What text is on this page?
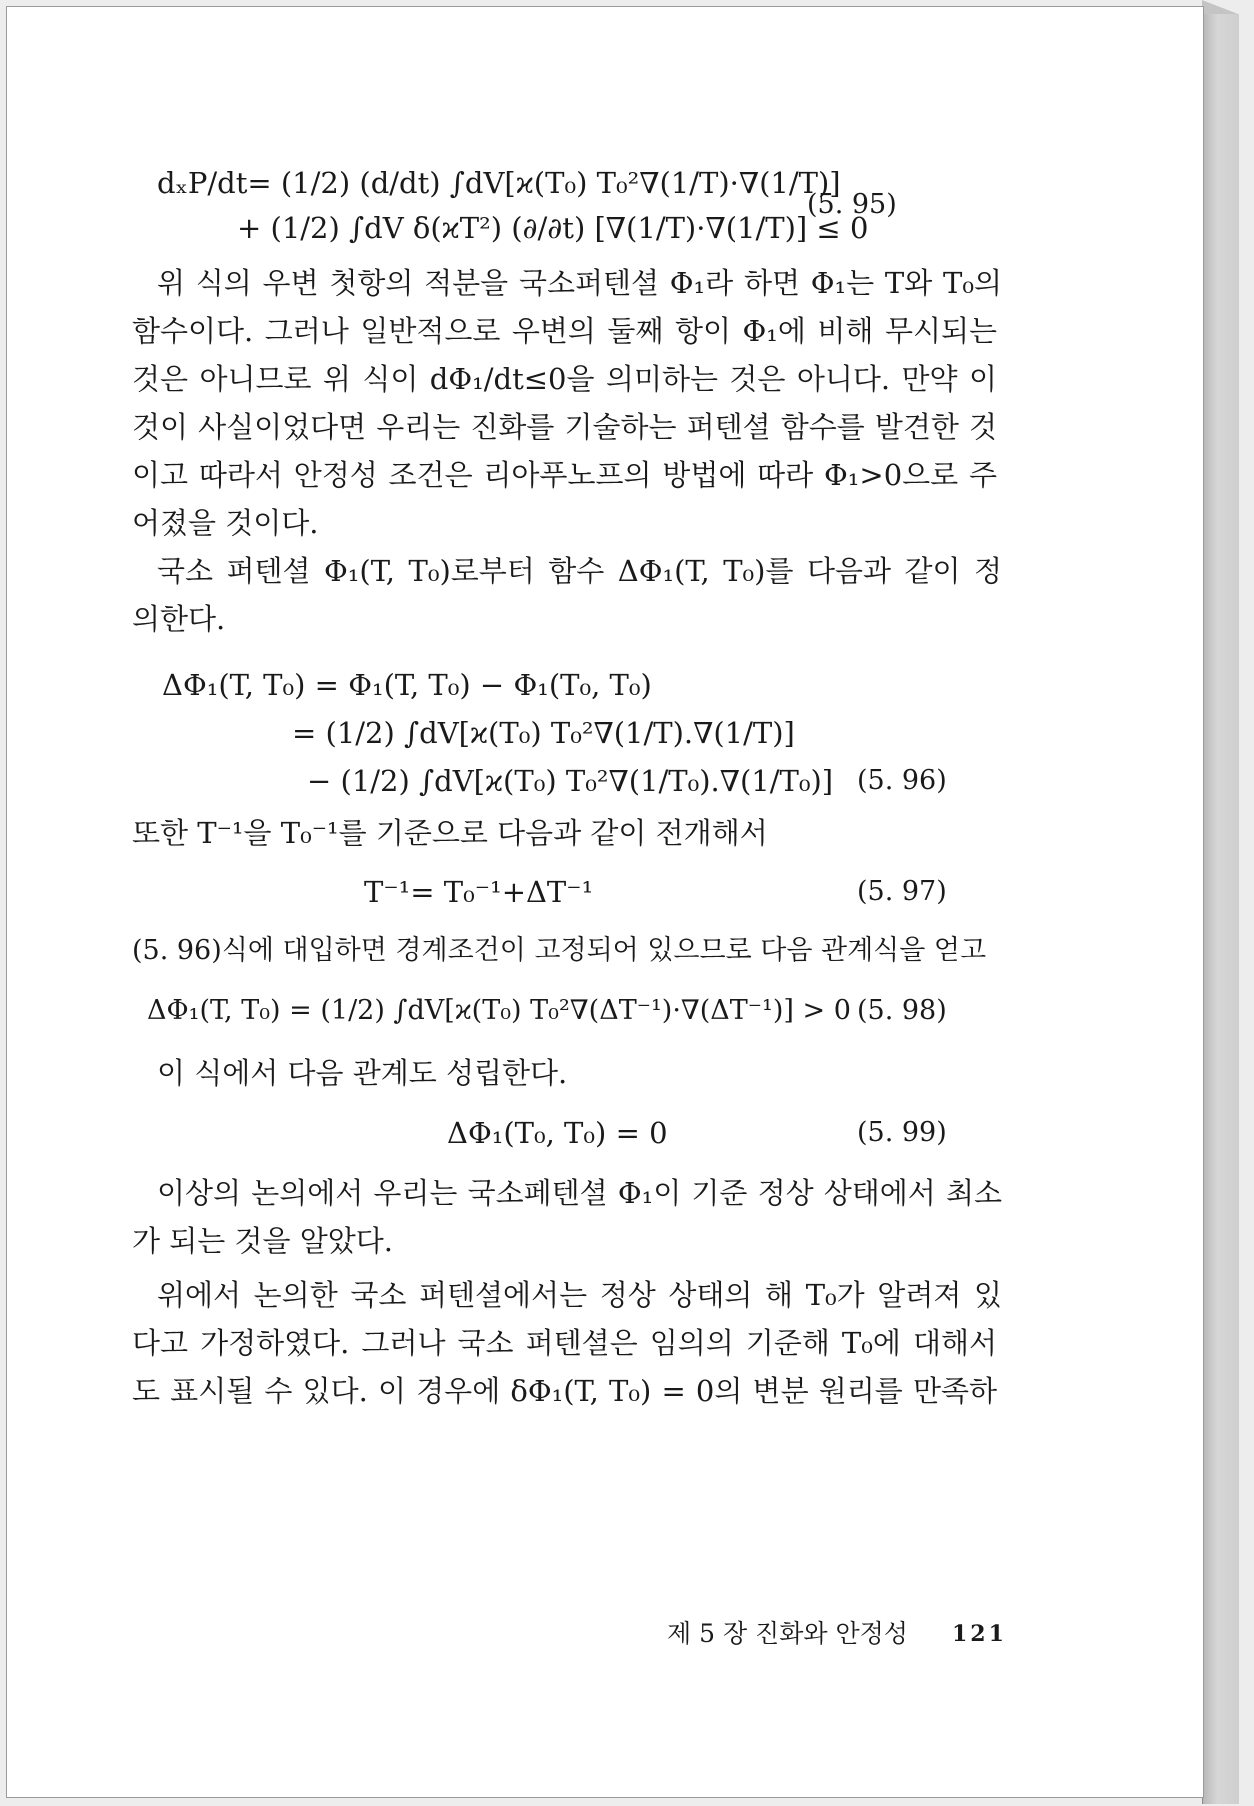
dₓP/dt= (1/2) (d/dt) ∫dV[ϰ(T₀) T₀²∇(1/T)·∇(1/T)]
+ (1/2) ∫dV δ(ϰT²) (∂/∂t) [∇(1/T)·∇(1/T)] ≤ 0
(5. 95)
위 식의 우변 첫항의 적분을 국소퍼텐셜 Φ₁라 하면 Φ₁는 T와 T₀의
함수이다. 그러나 일반적으로 우변의 둘째 항이 Φ₁에 비해 무시되는
것은 아니므로 위 식이 dΦ₁/dt≤0을 의미하는 것은 아니다. 만약 이
것이 사실이었다면 우리는 진화를 기술하는 퍼텐셜 함수를 발견한 것
이고 따라서 안정성 조건은 리아푸노프의 방법에 따라 Φ₁>0으로 주
어졌을 것이다.
국소 퍼텐셜 Φ₁(T, T₀)로부터 함수 ΔΦ₁(T, T₀)를 다음과 같이 정
의한다.
ΔΦ₁(T, T₀) = Φ₁(T, T₀) − Φ₁(T₀, T₀)
= (1/2) ∫dV[ϰ(T₀) T₀²∇(1/T).∇(1/T)]
− (1/2) ∫dV[ϰ(T₀) T₀²∇(1/T₀).∇(1/T₀)] (5. 96)
또한 T⁻¹을 T₀⁻¹를 기준으로 다음과 같이 전개해서
T⁻¹= T₀⁻¹+ΔT⁻¹	(5. 97)
(5. 96)식에 대입하면 경계조건이 고정되어 있으므로 다음 관계식을 얻고
ΔΦ₁(T, T₀) = (1/2) ∫dV[ϰ(T₀) T₀²∇(ΔT⁻¹)·∇(ΔT⁻¹)] > 0 (5. 98)
이 식에서 다음 관계도 성립한다.
ΔΦ₁(T₀, T₀) = 0	(5. 99)
이상의 논의에서 우리는 국소페텐셜 Φ₁이 기준 정상 상태에서 최소
가 되는 것을 알았다.
위에서 논의한 국소 퍼텐셜에서는 정상 상태의 해 T₀가 알려져 있
다고 가정하였다. 그러나 국소 퍼텐셜은 임의의 기준해 T₀에 대해서
도 표시될 수 있다. 이 경우에 δΦ₁(T, T₀) = 0의 변분 원리를 만족하
제 5 장 진화와 안정성 121
